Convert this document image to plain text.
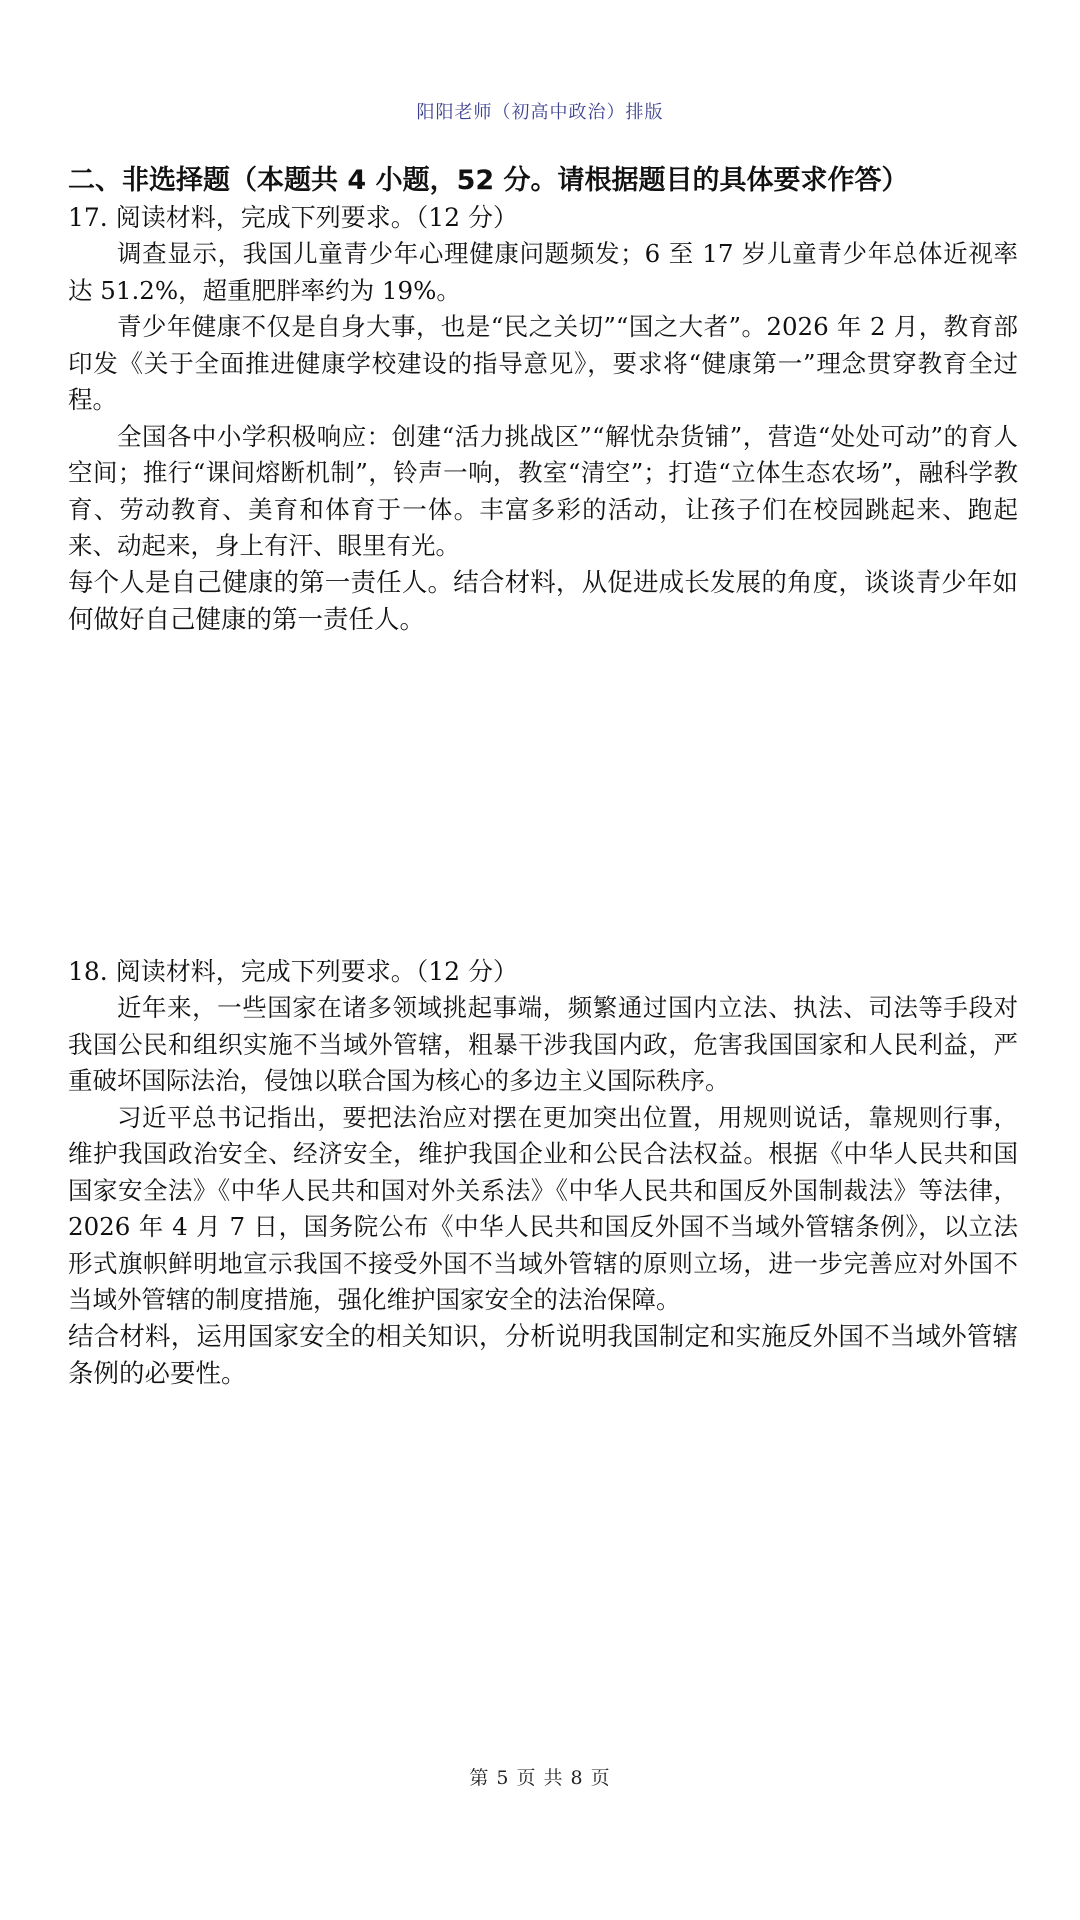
阳阳老师（初高中政治）排版
二、非选择题（本题共 4 小题，52 分。请根据题目的具体要求作答）

17. 阅读材料，完成下列要求。（12 分）

调查显示，我国儿童青少年心理健康问题频发；6 至 17 岁儿童青少年总体近视率达 51.2%，超重肥胖率约为 19%。

青少年健康不仅是自身大事，也是“民之关切”“国之大者”。2026 年 2 月，教育部印发《关于全面推进健康学校建设的指导意见》，要求将“健康第一”理念贯穿教育全过程。

全国各中小学积极响应：创建“活力挑战区”“解忧杂货铺”，营造“处处可动”的育人空间；推行“课间熔断机制”，铃声一响，教室“清空”；打造“立体生态农场”，融科学教育、劳动教育、美育和体育于一体。丰富多彩的活动，让孩子们在校园跳起来、跑起来、动起来，身上有汗、眼里有光。

每个人是自己健康的第一责任人。结合材料，从促进成长发展的角度，谈谈青少年如何做好自己健康的第一责任人。

18. 阅读材料，完成下列要求。（12 分）

近年来，一些国家在诸多领域挑起事端，频繁通过国内立法、执法、司法等手段对我国公民和组织实施不当域外管辖，粗暴干涉我国内政，危害我国国家和人民利益，严重破坏国际法治，侵蚀以联合国为核心的多边主义国际秩序。

习近平总书记指出，要把法治应对摆在更加突出位置，用规则说话，靠规则行事，维护我国政治安全、经济安全，维护我国企业和公民合法权益。根据《中华人民共和国国家安全法》《中华人民共和国对外关系法》《中华人民共和国反外国制裁法》等法律，2026 年 4 月 7 日，国务院公布《中华人民共和国反外国不当域外管辖条例》，以立法形式旗帜鲜明地宣示我国不接受外国不当域外管辖的原则立场，进一步完善应对外国不当域外管辖的制度措施，强化维护国家安全的法治保障。

结合材料，运用国家安全的相关知识，分析说明我国制定和实施反外国不当域外管辖条例的必要性。

第 5 页 共 8 页
